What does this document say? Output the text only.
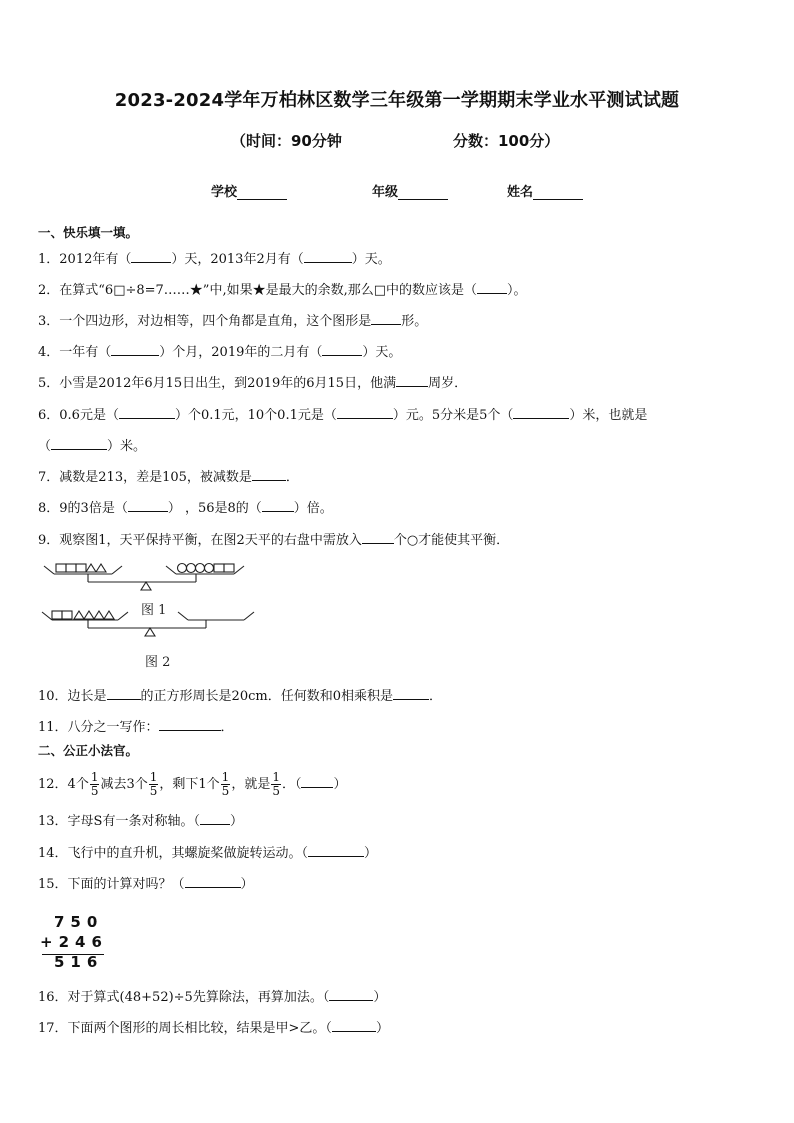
2023-2024学年万柏林区数学三年级第一学期期末学业水平测试试题
（时间：90分钟	分数：100分）
学校	年级	姓名
一、快乐填一填。
1．2012年有（	）天，2013年2月有（	）天。
2．在算式“6□÷8=7……★”中,如果★是最大的余数,那么□中的数应该是（ ）。
3．一个四边形，对边相等，四个角都是直角，这个图形是 形。
4．一年有（	）个月，2019年的二月有（	）天。
5．小雪是2012年6月15日出生，到2019年的6月15日，他满 周岁．
6．0.6元是（	）个0.1元，10个0.1元是（	）元。5分米是5个（	）米，也就是
（	）米。
7．减数是213，差是105，被减数是	．
8．9的3倍是（	） ，56是8的（ ）倍。
9．观察图1，天平保持平衡，在图2天平的右盘中需放入 个○才能使其平衡．
图 1
图 2
10．边长是	的正方形周长是20cm．任何数和0相乘积是	．
11．八分之一写作：	．
二、公正小法官。
12．4个 $\frac{1}{5}$ 减去3个 $\frac{1}{5}$ ，剩下1个 $\frac{1}{5}$ ，就是 $\frac{1}{5}$ ．（ ）
13．字母S有一条对称轴。（ ）
14．飞行中的直升机，其螺旋桨做旋转运动。（	）
15．下面的计算对吗？（	）
750
+246
516
16．对于算式(48+52)÷5先算除法，再算加法。（	）
17．下面两个图形的周长相比较，结果是甲>乙。（	）
